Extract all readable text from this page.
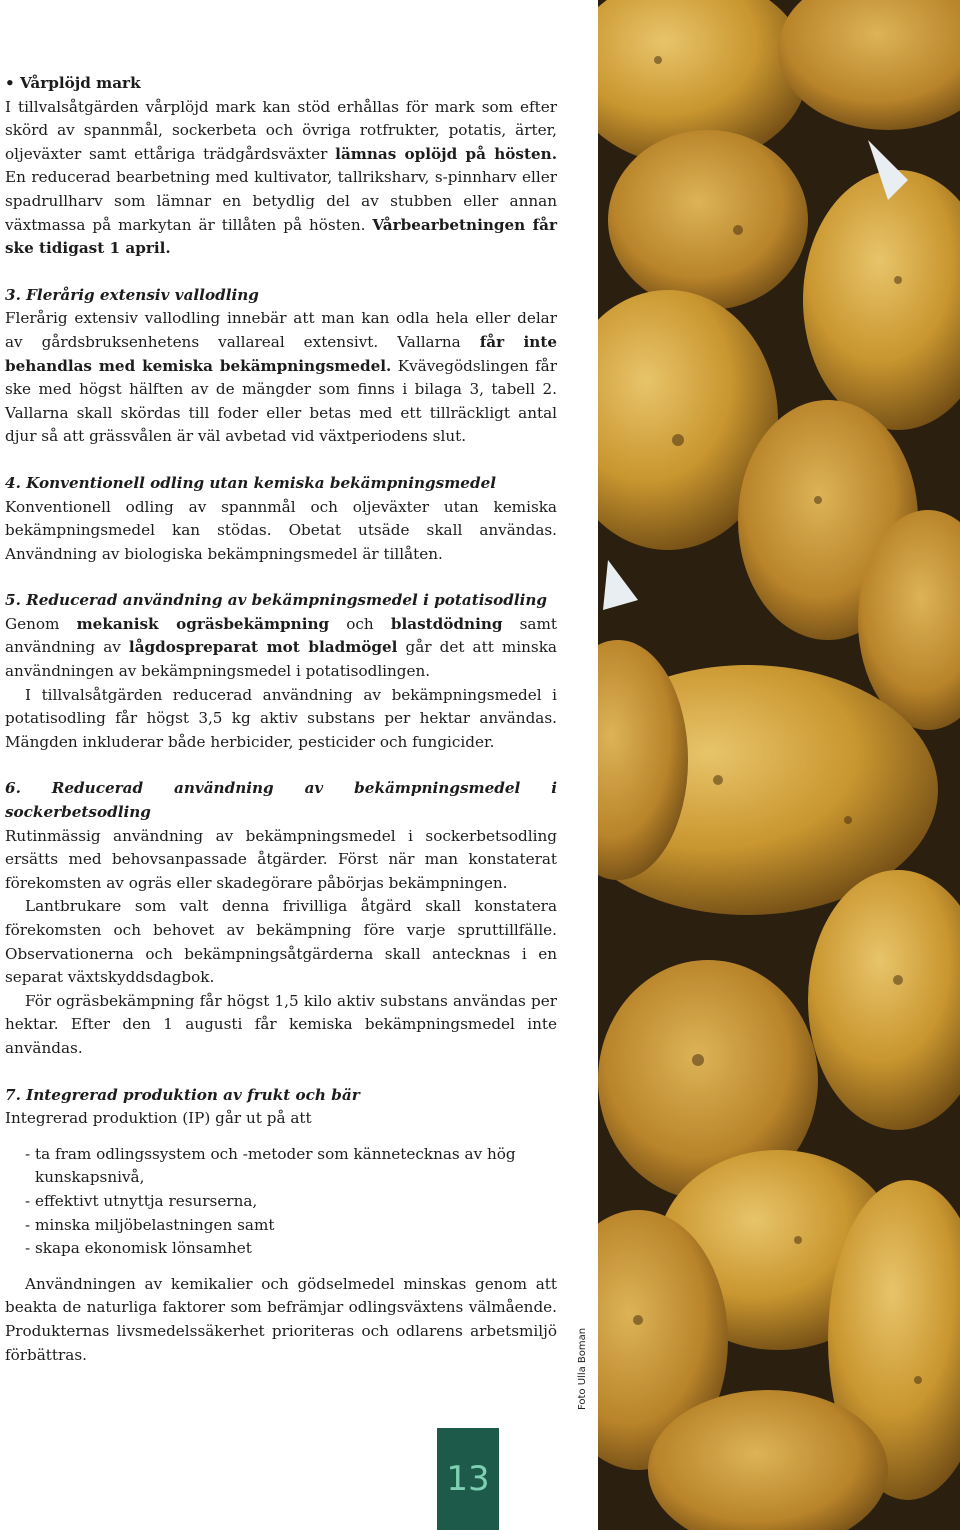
• Vårplöjd mark

I tillvalsåtgärden vårplöjd mark kan stöd erhållas för mark som efter skörd av spannmål, sockerbeta och övriga rotfrukter, potatis, ärter, oljeväxter samt ettåriga trädgårdsväxter lämnas oplöjd på hösten. En reducerad bearbetning med kultivator, tallriksharv, s-pinnharv eller spadrullharv som lämnar en betydlig del av stubben eller annan växtmassa på markytan är tillåten på hösten. Vårbearbetningen får ske tidigast 1 april.

3. Flerårig extensiv vallodling

Flerårig extensiv vallodling innebär att man kan odla hela eller delar av gårdsbruksenhetens vallareal extensivt. Vallarna får inte behandlas med kemiska bekämpningsmedel. Kvävegödslingen får ske med högst hälften av de mängder som finns i bilaga 3, tabell 2. Vallarna skall skördas till foder eller betas med ett tillräckligt antal djur så att grässvålen är väl avbetad vid växtperiodens slut.

4. Konventionell odling utan kemiska bekämpningsmedel

Konventionell odling av spannmål och oljeväxter utan kemiska bekämpningsmedel kan stödas. Obetat utsäde skall användas. Användning av biologiska bekämpningsmedel är tillåten.

5. Reducerad användning av bekämpningsmedel i potatisodling

Genom mekanisk ogräsbekämpning och blastdödning samt användning av lågdospreparat mot bladmögel går det att minska användningen av bekämpningsmedel i potatisodlingen.

I tillvalsåtgärden reducerad användning av bekämpningsmedel i potatisodling får högst 3,5 kg aktiv substans per hektar användas. Mängden inkluderar både herbicider, pesticider och fungicider.

6. Reducerad användning av bekämpningsmedel i sockerbetsodling

Rutinmässig användning av bekämpningsmedel i sockerbetsodling ersätts med behovsanpassade åtgärder. Först när man konstaterat förekomsten av ogräs eller skadegörare påbörjas bekämpningen.

Lantbrukare som valt denna frivilliga åtgärd skall konstatera förekomsten och behovet av bekämpning före varje spruttillfälle. Observationerna och bekämpningsåtgärderna skall antecknas i en separat växtskyddsdagbok.

För ogräsbekämpning får högst 1,5 kilo aktiv substans användas per hektar. Efter den 1 augusti får kemiska bekämpningsmedel inte användas.

7. Integrerad produktion av frukt och bär

Integrerad produktion (IP) går ut på att

- ta fram odlingssystem och -metoder som kännetecknas av hög kunskapsnivå,
- effektivt utnyttja resurserna,
- minska miljöbelastningen samt
- skapa ekonomisk lönsamhet

Användningen av kemikalier och gödselmedel minskas genom att beakta de naturliga faktorer som befrämjar odlingsväxtens välmående. Produkternas livsmedelssäkerhet prioriteras och odlarens arbetsmiljö förbättras.	Foto Ulla Boman
13
